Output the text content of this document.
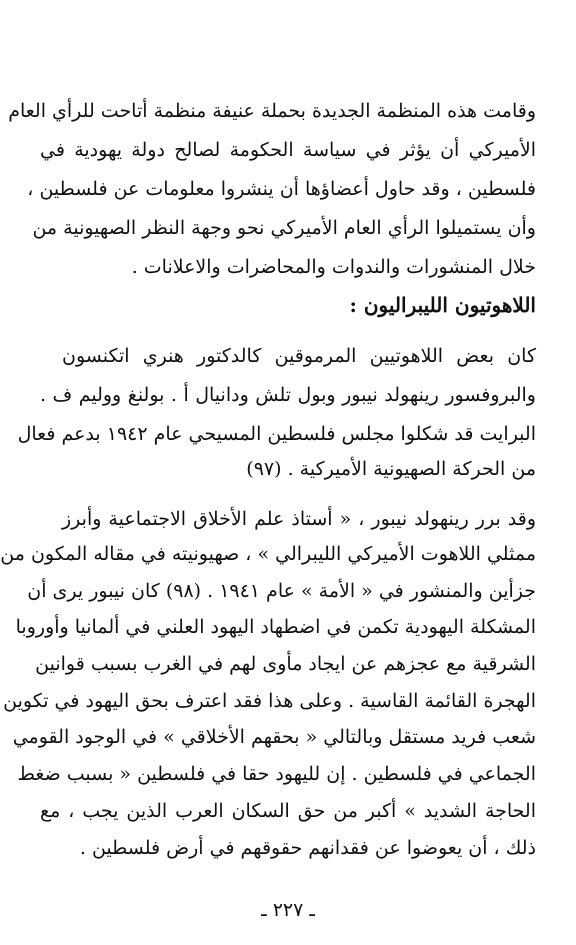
وقامت هذه المنظمة الجديدة بحملة عنيفة منظمة أتاحت للرأي العام
الأميركي أن يؤثر في سياسة الحكومة لصالح دولة يهودية في
فلسطين ، وقد حاول أعضاؤها أن ينشروا معلومات عن فلسطين ،
وأن يستميلوا الرأي العام الأميركي نحو وجهة النظر الصهيونية من
خلال المنشورات والندوات والمحاضرات والاعلانات .
اللاهوتيون الليبراليون :
كان بعض اللاهوتيين المرموقين كالدكتور هنري اتكنسون
والبروفسور رينهولد نيبور وبول تلش ودانيال أ . بولنغ ووليم ف .
البرايت قد شكلوا مجلس فلسطين المسيحي عام ١٩٤٢ بدعم فعال
من الحركة الصهيونية الأميركية . (٩٧)
وقد برر رينهولد نيبور ، « أستاذ علم الأخلاق الاجتماعية وأبرز
ممثلي اللاهوت الأميركي الليبرالي » ، صهيونيته في مقاله المكون من
جزأين والمنشور في « الأمة » عام ١٩٤١ . (٩٨) كان نيبور يرى أن
المشكلة اليهودية تكمن في اضطهاد اليهود العلني في ألمانيا وأوروبا
الشرقية مع عجزهم عن ايجاد مأوى لهم في الغرب بسبب قوانين
الهجرة القائمة القاسية . وعلى هذا فقد اعترف بحق اليهود في تكوين
شعب فريد مستقل وبالتالي « بحقهم الأخلاقي » في الوجود القومي
الجماعي في فلسطين . إن لليهود حقا في فلسطين « بسبب ضغط
الحاجة الشديد » أكبر من حق السكان العرب الذين يجب ، مع
ذلك ، أن يعوضوا عن فقدانهم حقوقهم في أرض فلسطين .
ـ ٢٢٧ ـ
